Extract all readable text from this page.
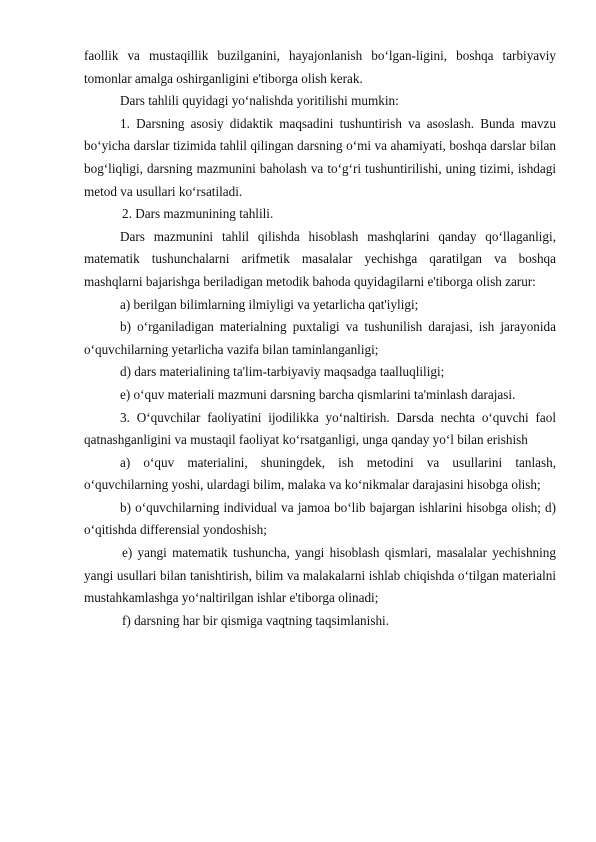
faollik va mustaqillik buzilganini, hayajonlanish bo‘lgan-ligini, boshqa tarbiyaviy tomonlar amalga oshirganligini e'tiborga olish kerak.

Dars tahlili quyidagi yo‘nalishda yoritilishi mumkin:

1. Darsning asosiy didaktik maqsadini tushuntirish va asoslash. Bunda mavzu bo‘yicha darslar tizimida tahlil qilingan darsning o‘mi va ahamiyati, boshqa darslar bilan bog‘liqligi, darsning mazmunini baholash va to‘g‘ri tushuntirilishi, uning tizimi, ishdagi metod va usullari ko‘rsatiladi.

2. Dars mazmunining tahlili.

Dars mazmunini tahlil qilishda hisoblash mashqlarini qanday qo‘llaganligi, matematik tushunchalarni arifmetik masalalar yechishga qaratilgan va boshqa mashqlarni bajarishga beriladigan metodik bahoda quyidagilarni e'tiborga olish zarur:

a) berilgan bilimlarning ilmiyligi va yetarlicha qat'iyligi;

b) o‘rganiladigan materialning puxtaligi va tushunilish darajasi, ish jarayonida o‘quvchilarning yetarlicha vazifa bilan taminlanganligi;

d) dars materialining ta'lim-tarbiyaviy maqsadga taalluqliligi;

e) o‘quv materiali mazmuni darsning barcha qismlarini ta'minlash darajasi.

3. O‘quvchilar faoliyatini ijodilikka yo‘naltirish. Darsda nechta o‘quvchi faol qatnashganligini va mustaqil faoliyat ko‘rsatganligi, unga qanday yo‘l bilan erishish

a) o‘quv materialini, shuningdek, ish metodini va usullarini tanlash, o‘quvchilarning yoshi, ulardagi bilim, malaka va ko‘nikmalar darajasini hisobga olish;

b) o‘quvchilarning individual va jamoa bo‘lib bajargan ishlarini hisobga olish; d) o‘qitishda differensial yondoshish;

e) yangi matematik tushuncha, yangi hisoblash qismlari, masalalar yechishning yangi usullari bilan tanishtirish, bilim va malakalarni ishlab chiqishda o‘tilgan materialni mustahkamlashga yo‘naltirilgan ishlar e'tiborga olinadi;

f) darsning har bir qismiga vaqtning taqsimlanishi.
